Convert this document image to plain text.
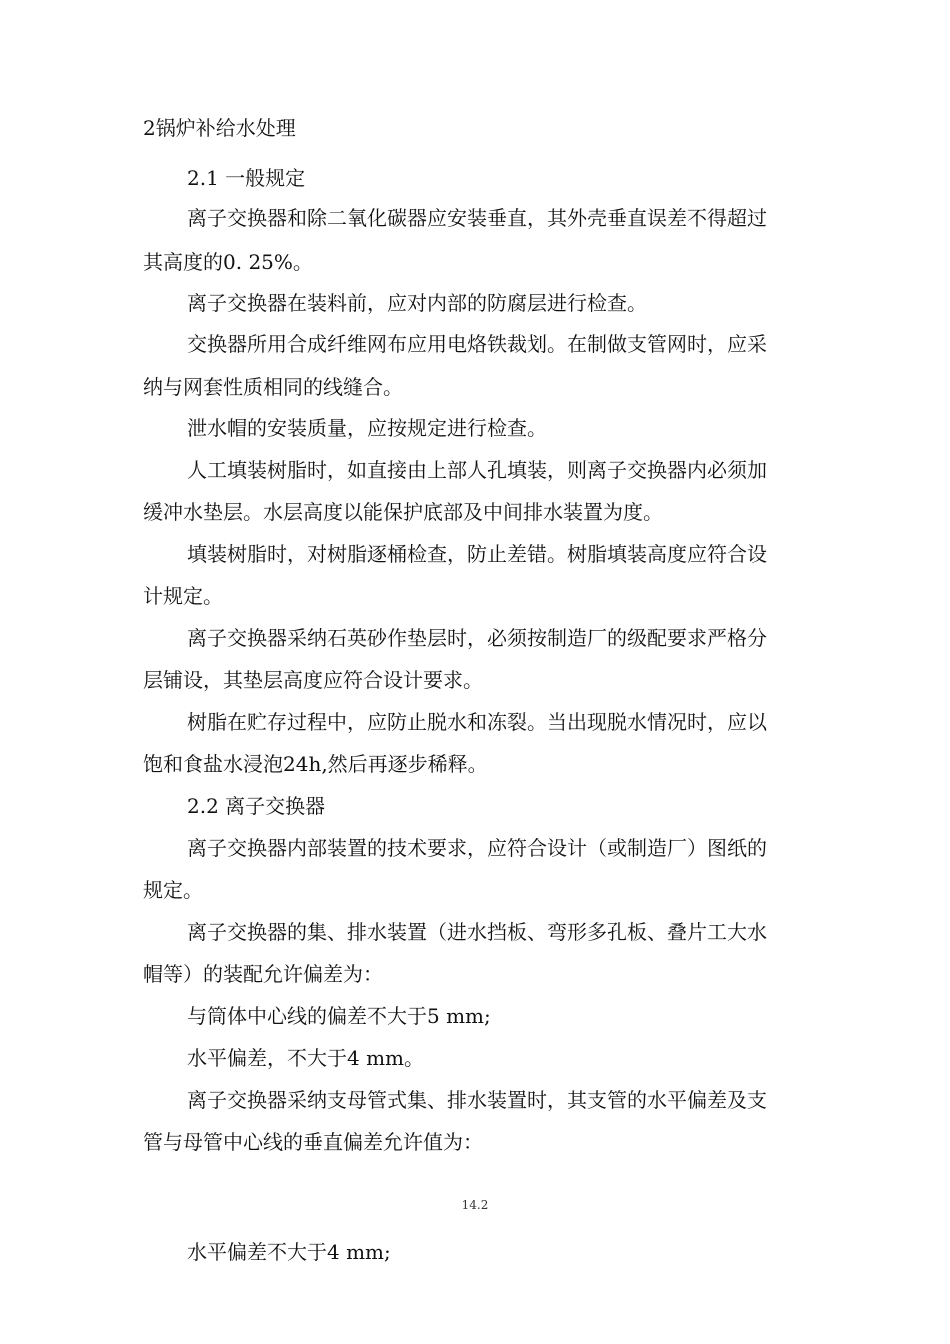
2锅炉补给水处理

2.1 一般规定

离子交换器和除二氧化碳器应安装垂直，其外壳垂直误差不得超过

其高度的0. 25%。

离子交换器在装料前，应对内部的防腐层进行检查。

交换器所用合成纤维网布应用电烙铁裁划。在制做支管网时，应采

纳与网套性质相同的线缝合。

泄水帽的安装质量，应按规定进行检查。

人工填装树脂时，如直接由上部人孔填装，则离子交换器内必须加

缓冲水垫层。水层高度以能保护底部及中间排水装置为度。

填装树脂时，对树脂逐桶检查，防止差错。树脂填装高度应符合设

计规定。

离子交换器采纳石英砂作垫层时，必须按制造厂的级配要求严格分

层铺设，其垫层高度应符合设计要求。

树脂在贮存过程中，应防止脱水和冻裂。当出现脱水情况时，应以

饱和食盐水浸泡24h,然后再逐步稀释。

2.2 离子交换器

离子交换器内部装置的技术要求，应符合设计（或制造厂）图纸的

规定。

离子交换器的集、排水装置（进水挡板、弯形多孔板、叠片工大水

帽等）的装配允许偏差为：

与筒体中心线的偏差不大于5 mm;

水平偏差，不大于4 mm。

离子交换器采纳支母管式集、排水装置时，其支管的水平偏差及支

管与母管中心线的垂直偏差允许值为：

14.2

水平偏差不大于4 mm;
